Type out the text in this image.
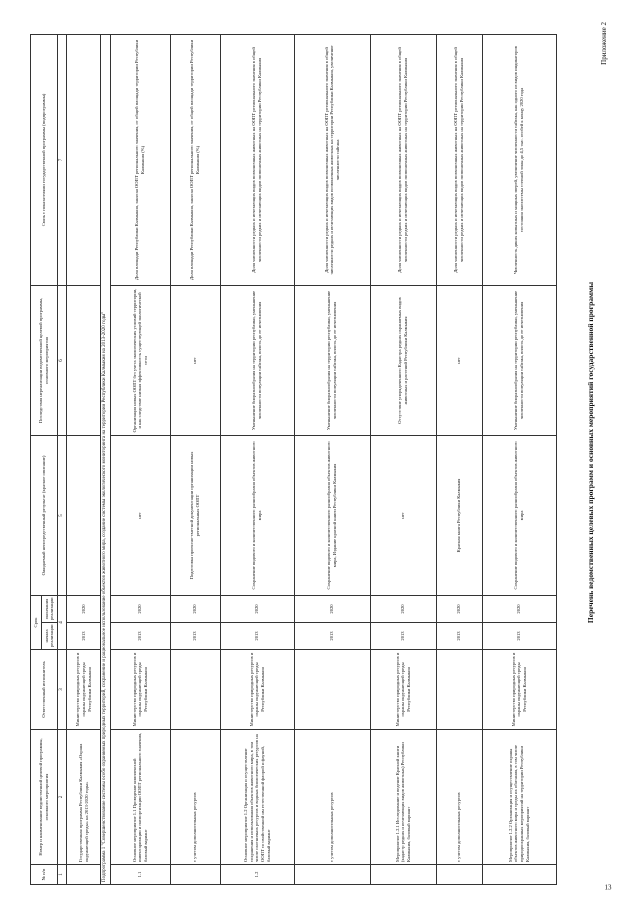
13
Приложение 2
№ п/п	Номер и наименование ведомственной целевой программы, основного мероприятия	Ответственный исполнитель	Срок		Ожидаемый непосредственный результат (краткое описание)	Последствия нереализации ведомственной целевой программы, основного мероприятия	Связь с показателями государственной программы (подпрограммы)
			начала реализации	окончания реализации			
1	2	3	4		5	6	7
	Государственная программа Республики Калмыкия «Охрана окружающей среды» на 2013-2020 годы»	Министерство природных ресурсов и охраны окружающей среды Республики Калмыкия	2013	2020			
Подпрограмма 1 "Совершенствование системы особо охраняемых природных территорий, сохранение и рациональное использование объектов животного мира, создание системы экологического мониторинга на территории Республики Калмыкия на 2013-2020 годы"							
1.1	Основное мероприятие 1.1 Проведение комплексной инвентаризации и паспортизации ООПТ регионального значения, базовый вариант	Министерство природных ресурсов и охраны окружающей среды Республики Калмыкия	2013	2020	нет	Организация новых ООПТ без учета экологических условий территории, и как следствие низкая эффективность существующей экологической сети	Доля площади Республики Калмыкия, занятая ООПТ регионального значения, от общей площади территории Республики Калмыкия (%)
	с учетом дополнительных ресурсов		2013	2020	Подготовка проектно-сметной документации организации новых региональных ООПТ	нет	Доля площади Республики Калмыкия, занятая ООПТ регионального значения, от общей площади территории Республики Калмыкия (%)
1.2	Основное мероприятие 1.2 Организация и осуществление сохранения и использования объектов животного мира, в том числе охотничьих ресурсов и водных биологических ресурсов на ООПТ со свойственной им естественной флорой и фауной, базовый вариант	Министерство природных ресурсов и охраны окружающей среды Республики Калмыкия	2013	2020	Сохранение видового и количественного разнообразия объектов животного мира	Уменьшение биоразнообразия на территории республики, уменьшение численности популяции сайгака, вплоть до ее исчезновения	Доля численности редких и исчезающих видов позвоночных животных на ООПТ регионального значения в общей численности редких и исчезающих видов позвоночных животных на территории Республики Калмыкия
	с учетом дополнительных ресурсов		2013	2020	Сохранение видового и количественного разнообразия объектов животного мира, Издание красной книги Республики Калмыкия	Уменьшение биоразнообразия на территории республики, уменьшение численности популяции сайгака, вплоть до ее исчезновения	Доля численности редких и исчезающих видов позвоночных животных на ООПТ регионального значения в общей численности редких и исчезающих видов позвоночных животных на территории Республики Калмыкия, увеличение численности сайгака
	Мероприятие 1.2.1 Исследование и ведение Красной книги (кадастр редких и исчезающих видов животных) Республики Калмыкия, базовый вариант	Министерство природных ресурсов и охраны окружающей среды Республики Калмыкия	2013	2020	нет	Отсутствие упорядоченного Кадастра редких охраняемых видов животных и растений Республики Калмыкия	Доля численности редких и исчезающих видов позвоночных животных на ООПТ регионального значения в общей численности редких и исчезающих видов позвоночных животных на территории Республики Калмыкия
	с учетом дополнительных ресурсов		2013	2020	Красная книга Республики Калмыкия	нет	Доля численности редких и исчезающих видов позвоночных животных на ООПТ регионального значения в общей численности редких и исчезающих видов позвоночных животных на территории Республики Калмыкия
	Мероприятие 1.2.2 Организация и осуществление охраны объектов животного мира и среды их обитания, в том числе природоохранных мероприятий на территории Республики Калмыкия, базовый вариант	Министерство природных ресурсов и охраны окружающей среды Республики Калмыкия	2013	2020	Сохранение видового и количественного разнообразия объектов животного мира	Уменьшение биоразнообразия на территории республики, уменьшение численности популяции сайгака, вплоть до ее исчезновения	Численность диких копытных и хищных зверей, увеличение численности сайгака, как одного из видов индикаторов состояния экосистемы степной зоны до 4,5 тыс. особей к концу 2020 года
Перечень ведомственных целевых программ и основных мероприятий государственной программы
